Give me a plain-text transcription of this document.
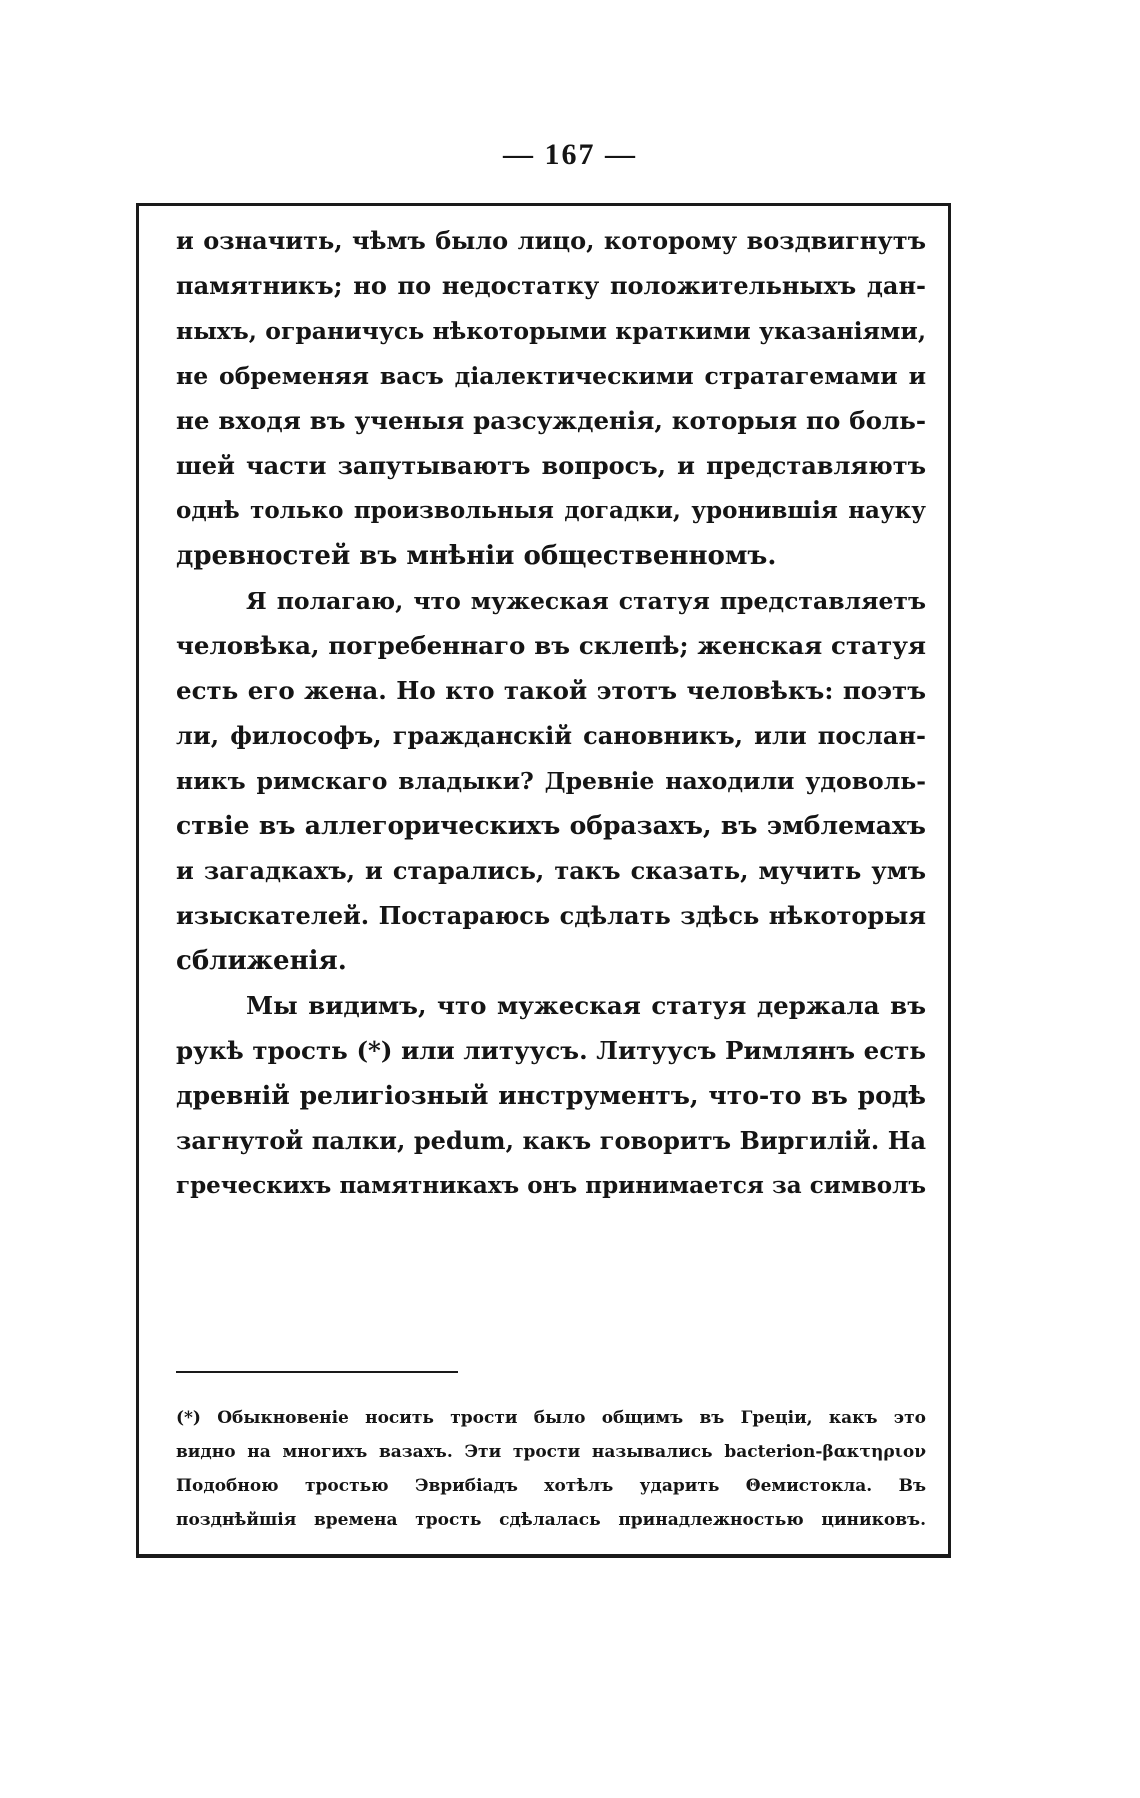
— 167 —
и означить, чѣмъ было лицо, которому воздвигнутъ
памятникъ; но по недостатку положительныхъ дан-
ныхъ, ограничусь нѣкоторыми краткими указаніями,
не обременяя васъ діалектическими стратагемами и
не входя въ ученыя разсужденія, которыя по боль-
шей части запутываютъ вопросъ, и представляютъ
однѣ только произвольныя догадки, уронившія науку
древностей въ мнѣніи общественномъ.
Я полагаю, что мужеская статуя представляетъ
человѣка, погребеннаго въ склепѣ; женская статуя
есть его жена. Но кто такой этотъ человѣкъ: поэтъ
ли, философъ, гражданскій сановникъ, или послан-
никъ римскаго владыки? Древніе находили удоволь-
ствіе въ аллегорическихъ образахъ, въ эмблемахъ
и загадкахъ, и старались, такъ сказать, мучить умъ
изыскателей. Постараюсь сдѣлать здѣсь нѣкоторыя
сближенія.
Мы видимъ, что мужеская статуя держала въ
рукѣ трость (*) или литуусъ. Литуусъ Римлянъ есть
древній религіозный инструментъ, что-то въ родѣ
загнутой палки, pedum, какъ говоритъ Виргилій. На
греческихъ памятникахъ онъ принимается за символъ
(*) Обыкновеніе носить трости было общимъ въ Греціи, какъ это
видно на многихъ вазахъ. Эти трости назывались bacterion-βακτηριον
Подобною тростью Эврибіадъ хотѣлъ ударить Θемистокла. Въ
позднѣйшія времена трость сдѣлалась принадлежностью циниковъ.
